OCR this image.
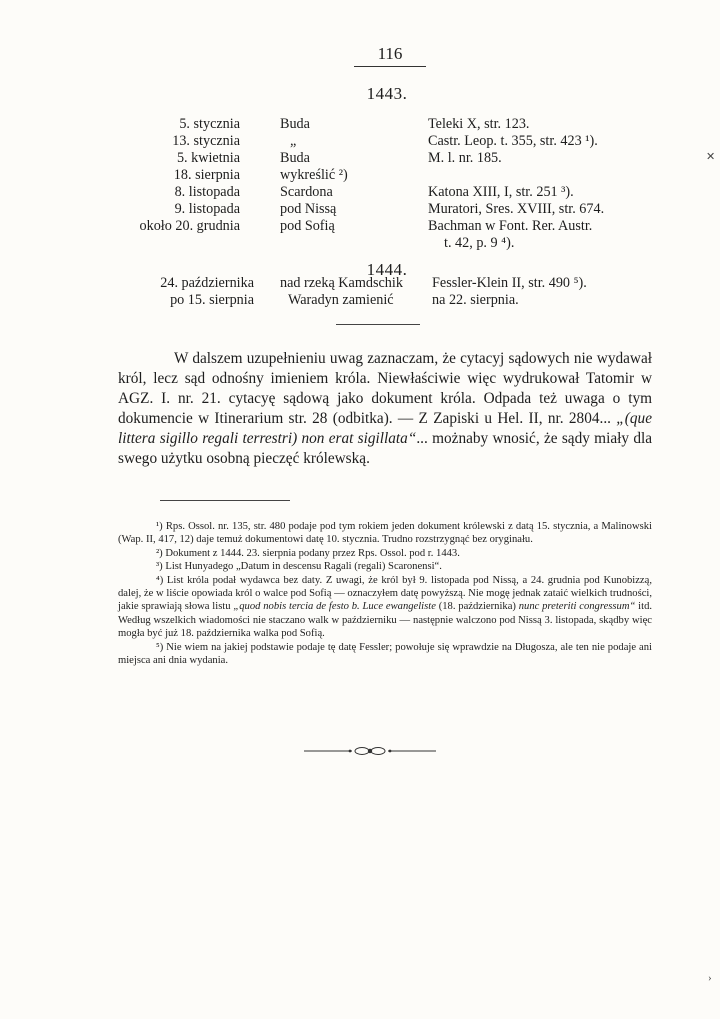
116
1443.
5. stycznia
13. stycznia
5. kwietnia
18. sierpnia
8. listopada
9. listopada
około 20. grudnia
Buda
„
Buda
wykreślić ²)
Scardona
pod Nissą
pod Sofią
Teleki X, str. 123.
Castr. Leop. t. 355, str. 423 ¹).
M. l. nr. 185.

Katona XIII, I, str. 251 ³).
Muratori, Sres. XVIII, str. 674.
Bachman w Font. Rer. Austr.
t. 42, p. 9 ⁴).
1444.
24. października
po 15. sierpnia
nad rzeką Kamdschik
Waradyn zamienić
Fessler-Klein II, str. 490 ⁵).
na 22. sierpnia.

W dalszem uzupełnieniu uwag zaznaczam, że cytacyj sądowych nie wydawał król, lecz sąd odnośny imieniem króla. Niewłaściwie więc wydrukował Tatomir w AGZ. I. nr. 21. cytacyę sądową jako dokument króla. Odpada też uwaga o tym dokumencie w Itinerarium str. 28 (odbitka). — Z Zapiski u Hel. II, nr. 2804... „(que littera sigillo regali terrestri) non erat sigillata“... możnaby wnosić, że sądy miały dla swego użytku osobną pieczęć królewską.

¹) Rps. Ossol. nr. 135, str. 480 podaje pod tym rokiem jeden dokument królewski z datą 15. stycznia, a Malinowski (Wap. II, 417, 12) daje temuż dokumentowi datę 10. stycznia. Trudno rozstrzygnąć bez oryginału.

²) Dokument z 1444. 23. sierpnia podany przez Rps. Ossol. pod r. 1443.

³) List Hunyadego „Datum in descensu Ragali (regali) Scaronensi“.

⁴) List króla podał wydawca bez daty. Z uwagi, że król był 9. listopada pod Nissą, a 24. grudnia pod Kunobizzą, dalej, że w liście opowiada król o walce pod Sofią — oznaczyłem datę powyższą. Nie mogę jednak zataić wielkich trudności, jakie sprawiają słowa listu „quod nobis tercia de festo b. Luce ewangeliste (18. października) nunc preteriti congressum“ itd. Według wszelkich wiadomości nie staczano walk w październiku — następnie walczono pod Nissą 3. listopada, skądby więc mogła być już 18. października walka pod Sofią.

⁵) Nie wiem na jakiej podstawie podaje tę datę Fessler; powołuje się wprawdzie na Długosza, ale ten nie podaje ani miejsca ani dnia wydania.

✕
›
